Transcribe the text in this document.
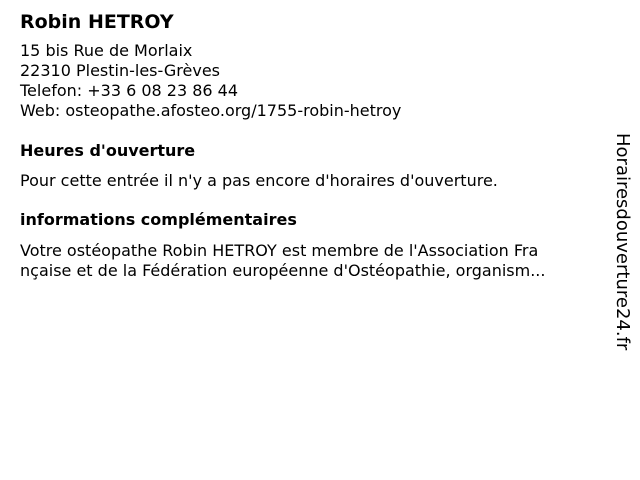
Robin HETROY
15 bis Rue de Morlaix
22310 Plestin-les-Grèves
Telefon: +33 6 08 23 86 44
Web: osteopathe.afosteo.org/1755-robin-hetroy
Heures d'ouverture
Pour cette entrée il n'y a pas encore d'horaires d'ouverture.
informations complémentaires
Votre ostéopathe Robin HETROY est membre de l'Association Fra
nçaise et de la Fédération européenne d'Ostéopathie, organism...	Horairesdouverture24.fr
